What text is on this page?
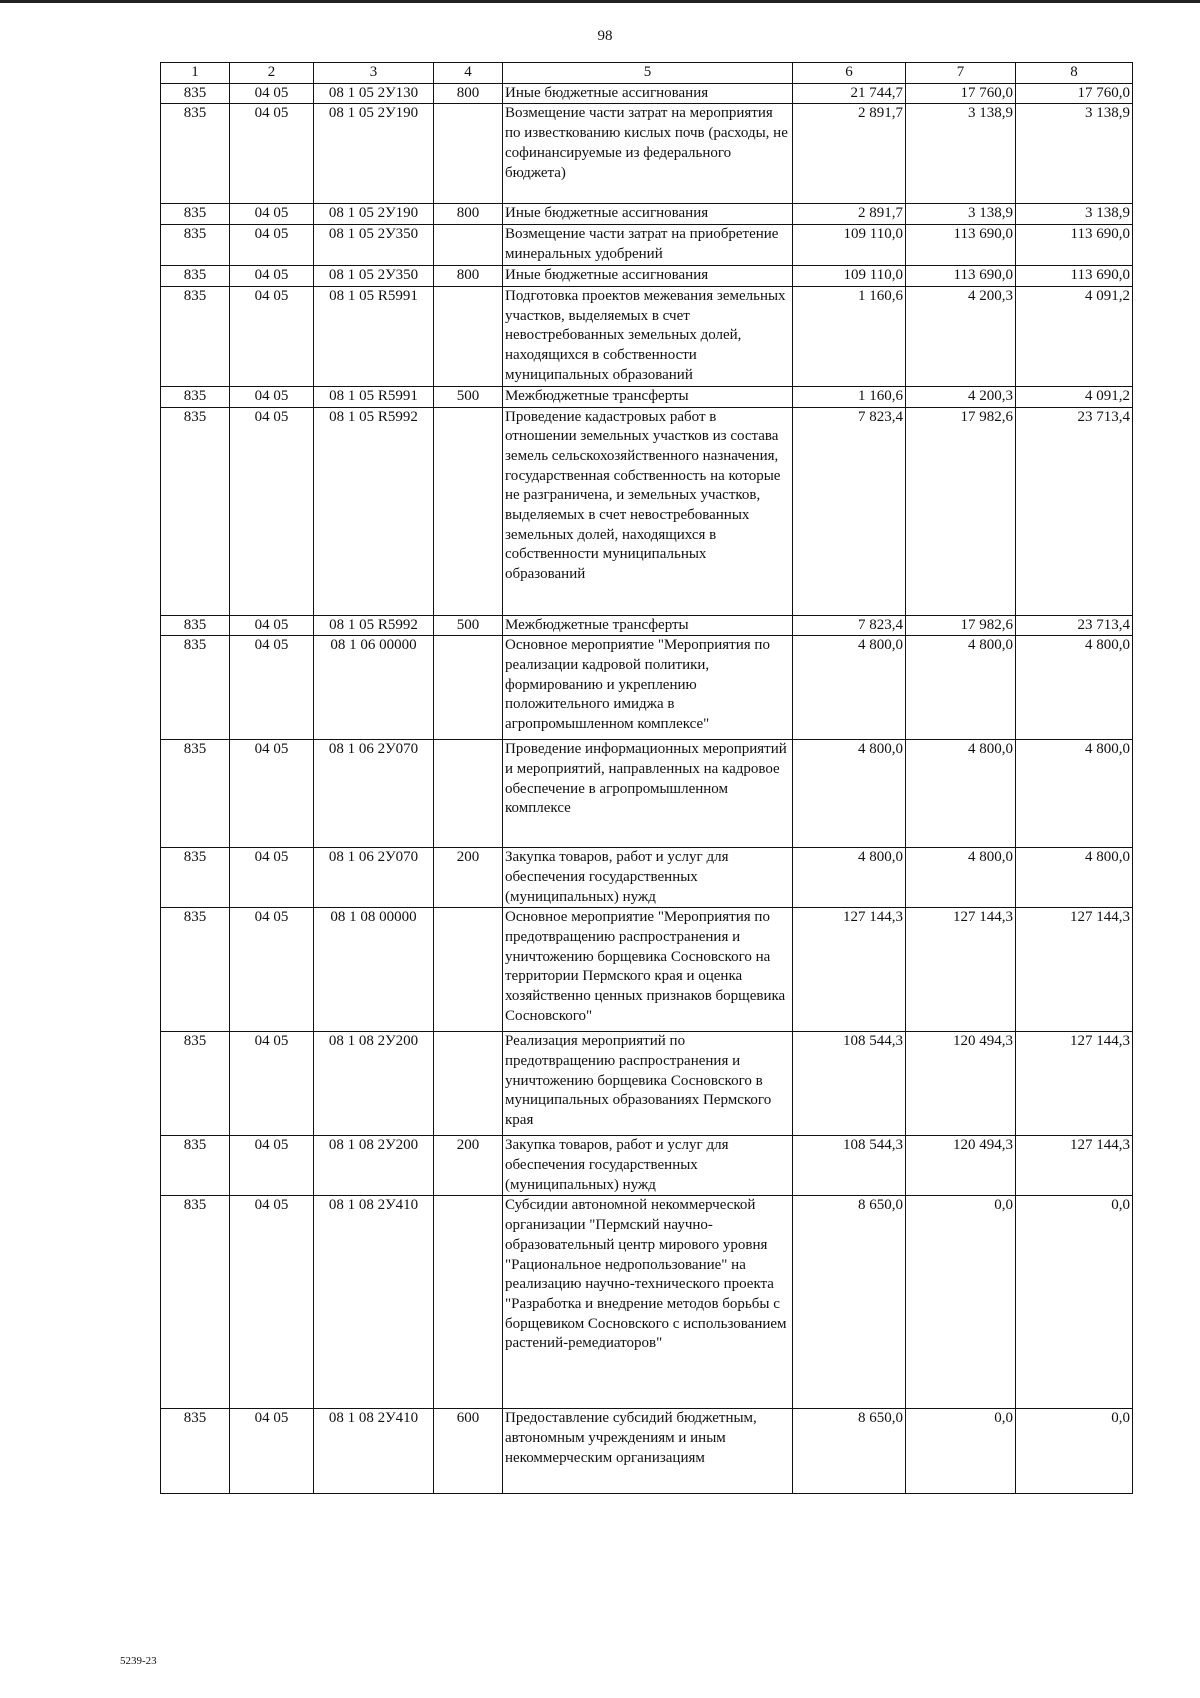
98
1	2	3	4	5	6	7	8
835	04 05	08 1 05 2У130	800	Иные бюджетные ассигнования	21 744,7	17 760,0	17 760,0
835	04 05	08 1 05 2У190		Возмещение части затрат на мероприятия по известкованию кислых почв (расходы, не софинансируемые из федерального бюджета)	2 891,7	3 138,9	3 138,9
835	04 05	08 1 05 2У190	800	Иные бюджетные ассигнования	2 891,7	3 138,9	3 138,9
835	04 05	08 1 05 2У350		Возмещение части затрат на приобретение минеральных удобрений	109 110,0	113 690,0	113 690,0
835	04 05	08 1 05 2У350	800	Иные бюджетные ассигнования	109 110,0	113 690,0	113 690,0
835	04 05	08 1 05 R5991		Подготовка проектов межевания земельных участков, выделяемых в счет невостребованных земельных долей, находящихся в собственности муниципальных образований	1 160,6	4 200,3	4 091,2
835	04 05	08 1 05 R5991	500	Межбюджетные трансферты	1 160,6	4 200,3	4 091,2
835	04 05	08 1 05 R5992		Проведение кадастровых работ в отношении земельных участков из состава земель сельскохозяйственного назначения, государственная собственность на которые не разграничена, и земельных участков, выделяемых в счет невостребованных земельных долей, находящихся в собственности муниципальных образований	7 823,4	17 982,6	23 713,4
835	04 05	08 1 05 R5992	500	Межбюджетные трансферты	7 823,4	17 982,6	23 713,4
835	04 05	08 1 06 00000		Основное мероприятие "Мероприятия по реализации кадровой политики, формированию и укреплению положительного имиджа в агропромышленном комплексе"	4 800,0	4 800,0	4 800,0
835	04 05	08 1 06 2У070		Проведение информационных мероприятий и мероприятий, направленных на кадровое обеспечение в агропромышленном комплексе	4 800,0	4 800,0	4 800,0
835	04 05	08 1 06 2У070	200	Закупка товаров, работ и услуг для обеспечения государственных (муниципальных) нужд	4 800,0	4 800,0	4 800,0
835	04 05	08 1 08 00000		Основное мероприятие "Мероприятия по предотвращению распространения и уничтожению борщевика Сосновского на территории Пермского края и оценка хозяйственно ценных признаков борщевика Сосновского"	127 144,3	127 144,3	127 144,3
835	04 05	08 1 08 2У200		Реализация мероприятий по предотвращению распространения и уничтожению борщевика Сосновского в муниципальных образованиях Пермского края	108 544,3	120 494,3	127 144,3
835	04 05	08 1 08 2У200	200	Закупка товаров, работ и услуг для обеспечения государственных (муниципальных) нужд	108 544,3	120 494,3	127 144,3
835	04 05	08 1 08 2У410		Субсидии автономной некоммерческой организации "Пермский научно-образовательный центр мирового уровня "Рациональное недропользование" на реализацию научно-технического проекта "Разработка и внедрение методов борьбы с борщевиком Сосновского с использованием растений-ремедиаторов"	8 650,0	0,0	0,0
835	04 05	08 1 08 2У410	600	Предоставление субсидий бюджетным, автономным учреждениям и иным некоммерческим организациям	8 650,0	0,0	0,0
5239-23
